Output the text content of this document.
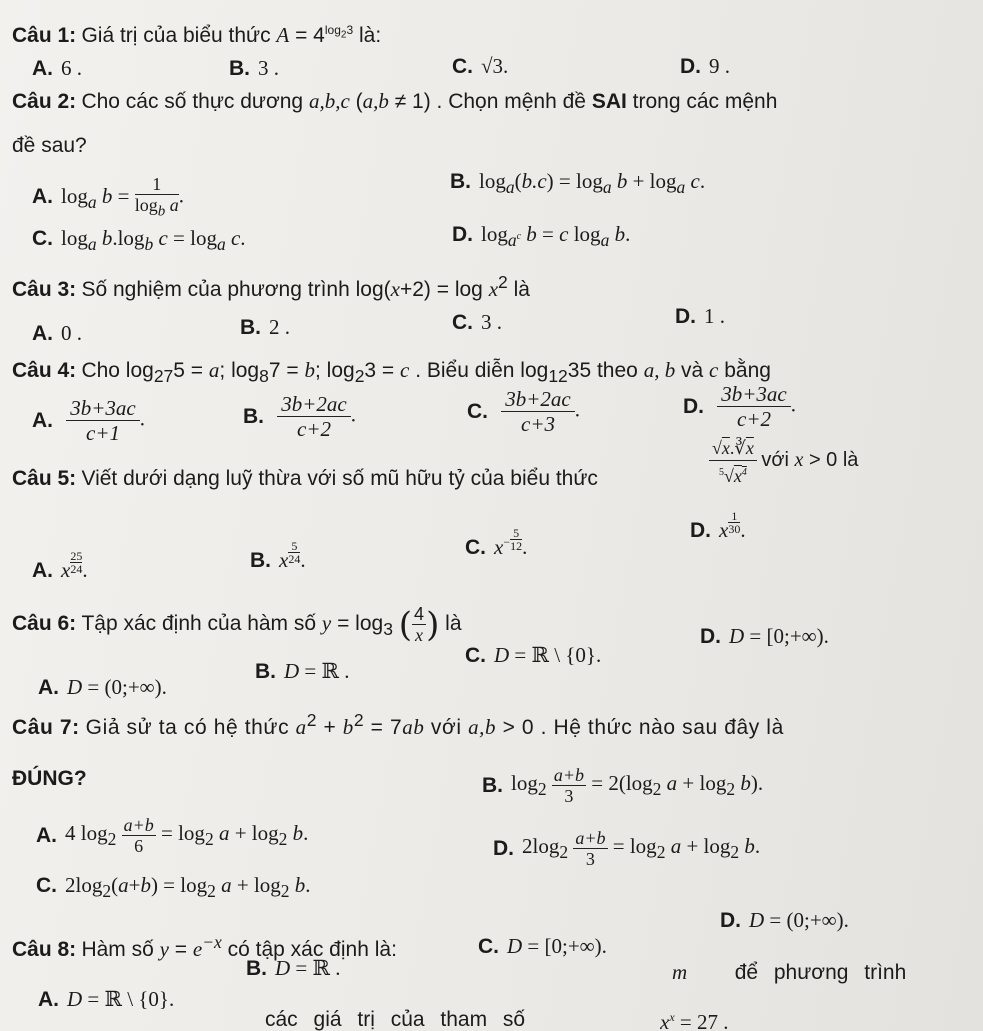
Câu 1: Giá trị của biểu thức $A = 4^{log_23}$ là:
A. 6 .	B. 3 .	C. √3.	D. 9 .
Câu 2: Cho các số thực dương a,b,c (a,b ≠ 1) . Chọn mệnh đề SAI trong các mệnh
đề sau?
A. $\log_a b = \frac{1}{\log_b a}$ .
B. $\log_a(b.c) = \log_a b + \log_a c$.
C. $\log_a b.\log_b$ $c = \log_a c$.	D. $\log_{a^c} b = c$ $\log_a b$.
Câu 3: Số nghiệm của phương trình $\log(x+2) = \log x^2$ là
A. 0 .	B. 2 .	C. 3 .	D. 1 .
Câu 4: Cho $\log_{27}5 = a$; $\log_87 = b$; $\log_23 = c$ . Biểu diễn $\log_{12}35$ theo a, b và c bằng
A. $\frac{3b+3ac}{c+1}$ .	B. $\frac{3b+2ac}{c+2}$ .	C. $\frac{3b+2ac}{c+3}$ .	D. $\frac{3b+3ac}{c+2}$ .
Câu 5: Viết dưới dạng luỹ thừa với số mũ hữu tỷ của biểu thức	$\frac{√x.∛\overline{x}}{^5√x^4}$ với x > 0 là
A. x $^{\frac{25}{24}}$ .	B. x $^{\frac{5}{24}}$ .
C. $x^{- \frac{5}{12}}$ .
D. x $^{\frac{1}{30}}$ .
Câu 6: Tập xác định của hàm số $y = \log_3$ ( $\frac{4}{x}$ ) là
A. D = (0;+∞).
B. D = ℝ .
C. D = ℝ \ {0}.
D. D = [0;+∞).
Câu 7: Giả sử ta có hệ thức $a^2 + b^2 = 7ab$ với a,b > 0 . Hệ thức nào sau đây là
ĐÚNG?
A. 4 $\log_2 \frac{a+b}{6} = \log_2 a + \log_2 b$.
B. $\log_2 \frac{a+b}{3} = 2(\log_2$ $a + \log_2 b$).
C. $2\log_2(a+b) = \log_2 a + \log_2 b$.
D. $2\log_2 \frac{a+b}{3} = \log_2 a + \log_2 b$.
Câu 8: Hàm số $y = e^{-x}$ có tập xác định là:
A. D = ℝ \ {0}.
B. D = ℝ .
C. D = [0;+∞).
D. D = (0;+∞).
m để phương trình
các giá trị của tham số	$x^x = 27$ .
